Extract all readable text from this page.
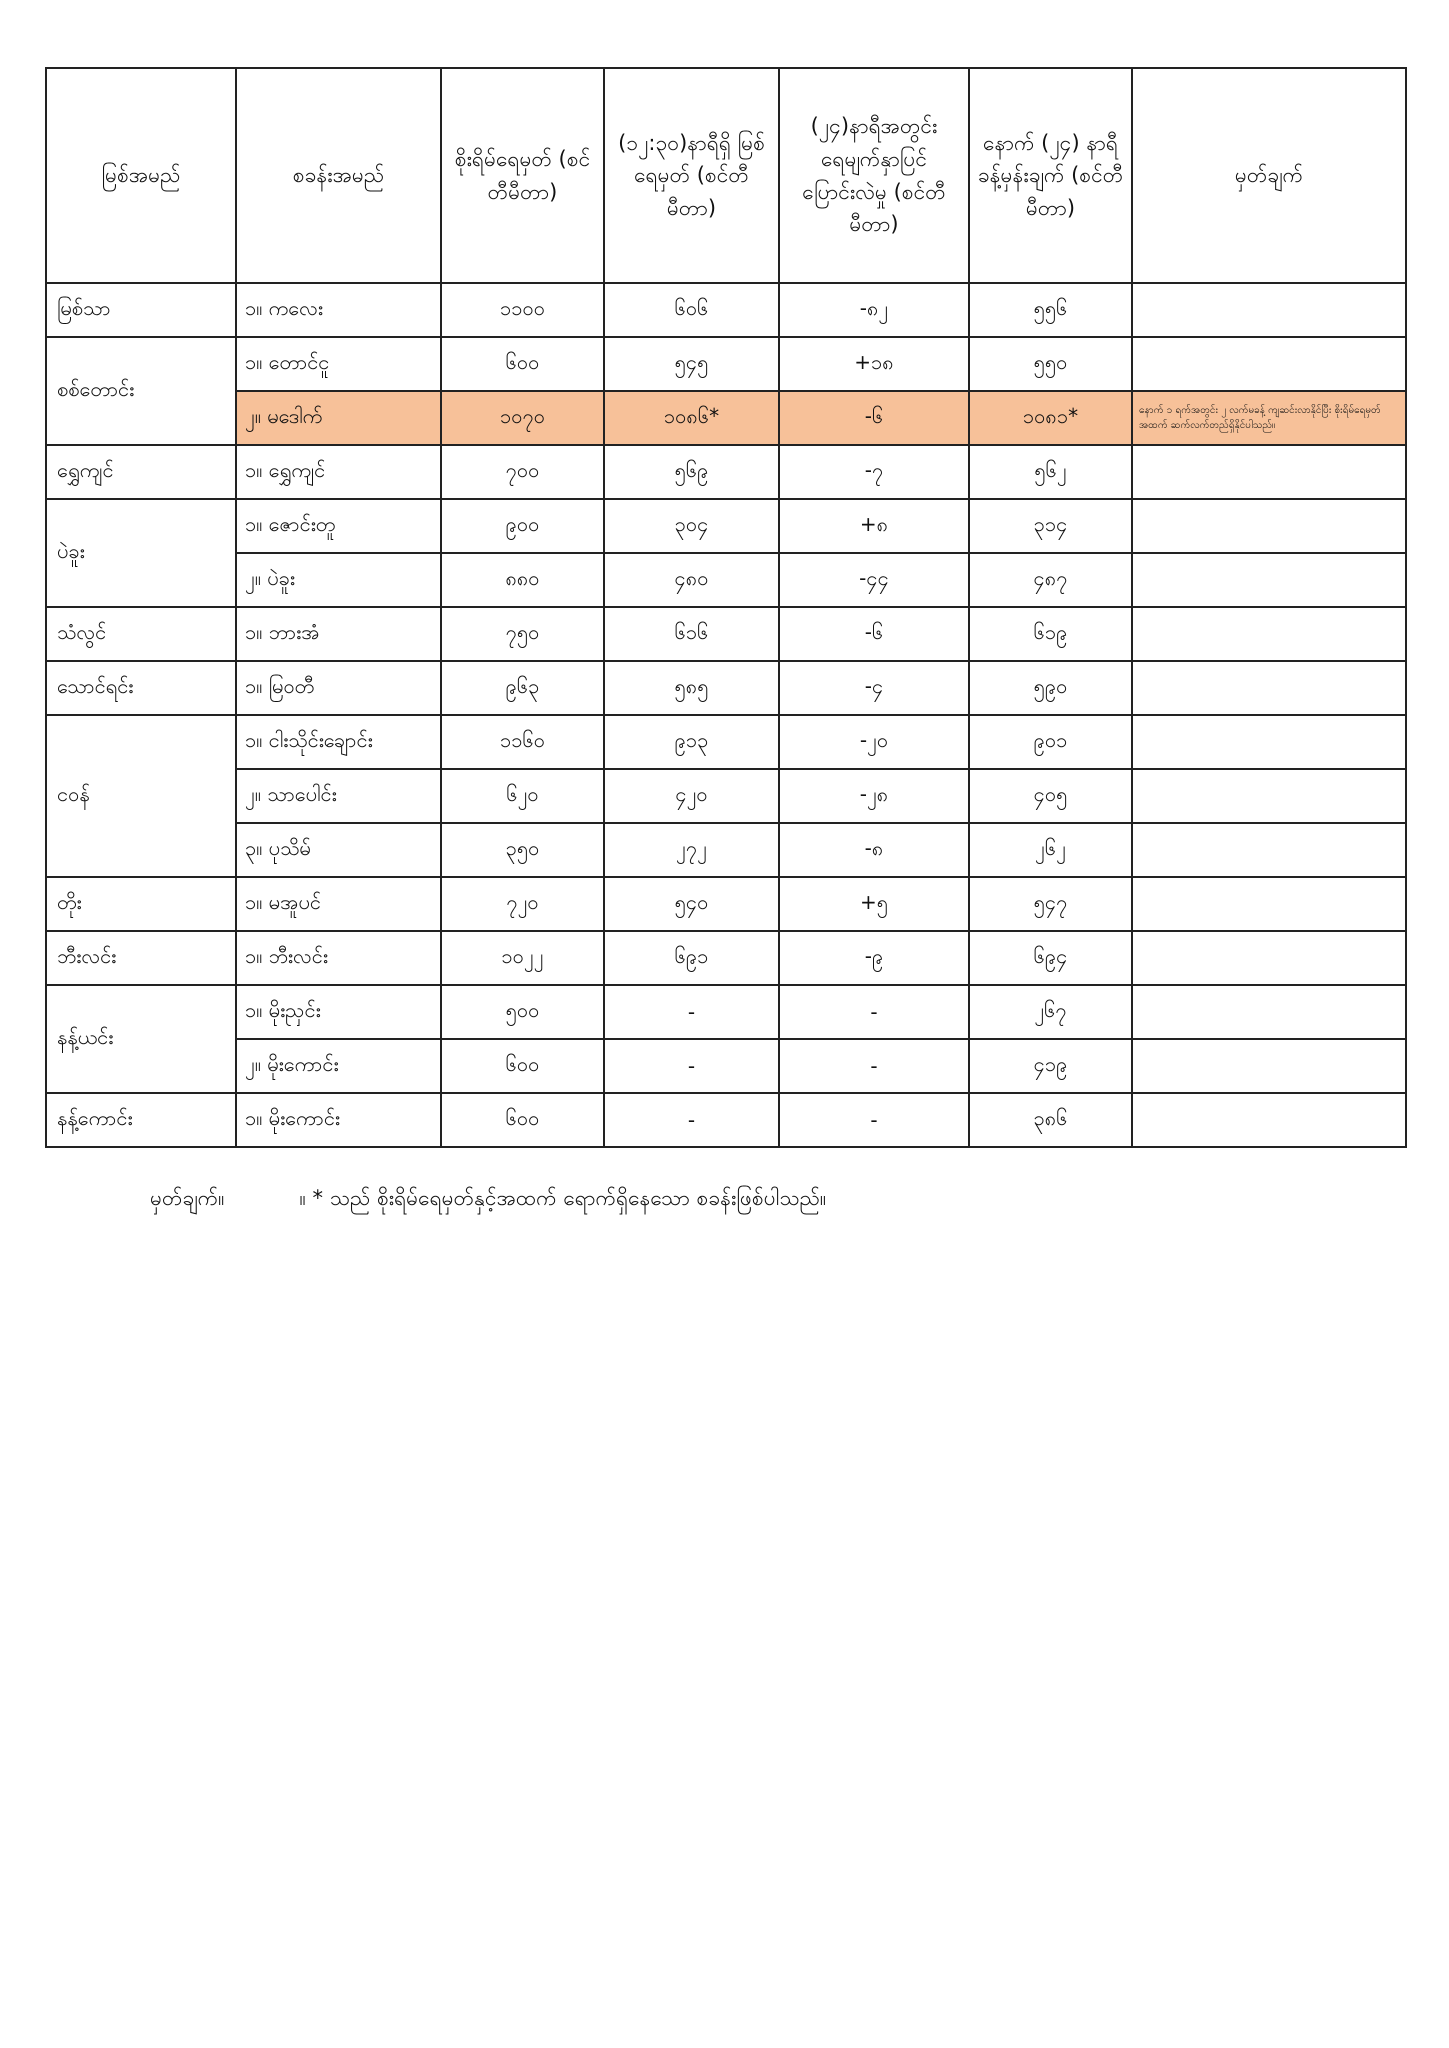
မြစ်အမည်	စခန်းအမည်	စိုးရိမ်ရေမှတ် (စင်တီမီတာ)	(၁၂:၃၀)နာရီရှိ မြစ်ရေမှတ် (စင်တီမီတာ)	(၂၄)နာရီအတွင်း ရေမျက်နှာပြင် ပြောင်းလဲမှု (စင်တီမီတာ)	နောက် (၂၄) နာရီ ခန့်မှန်းချက် (စင်တီမီတာ)	မှတ်ချက်
မြစ်သာ	၁။ ကလေး	၁၁၀၀	၆၀၆	-၈၂	၅၅၆	
စစ်တောင်း	၁။ တောင်ငူ	၆၀၀	၅၄၅	+၁၈	၅၅၀	
	၂။ မဒေါက်	၁၀၇၀	၁၀၈၆*	-၆	၁၀၈၁*	နောက် ၁ ရက်အတွင်း ၂ လက်မခန့် ကျဆင်းလာနိုင်ပြီး စိုးရိမ်ရေမှတ်အထက် ဆက်လက်တည်ရှိနိုင်ပါသည်။
ရွှေကျင်	၁။ ရွှေကျင်	၇၀၀	၅၆၉	-၇	၅၆၂	
ပဲခူး	၁။ ဇောင်းတူ	၉၀၀	၃၀၄	+၈	၃၁၄	
	၂။ ပဲခူး	၈၈၀	၄၈၀	-၄၄	၄၈၇	
သံလွင်	၁။ ဘားအံ	၇၅၀	၆၁၆	-၆	၆၁၉	
သောင်ရင်း	၁။ မြဝတီ	၉၆၃	၅၈၅	-၄	၅၉၀	
ငဝန်	၁။ ငါးသိုင်းချောင်း	၁၁၆၀	၉၁၃	-၂၀	၉၀၁	
	၂။ သာပေါင်း	၆၂၀	၄၂၀	-၂၈	၄၀၅	
	၃။ ပုသိမ်	၃၅၀	၂၇၂	-၈	၂၆၂	
တိုး	၁။ မအူပင်	၇၂၀	၅၄၀	+၅	၅၄၇	
ဘီးလင်း	၁။ ဘီးလင်း	၁၀၂၂	၆၉၁	-၉	၆၉၄	
နန့်ယင်း	၁။ မိုးညှင်း	၅၀၀	-	-	၂၆၇	
	၂။ မိုးကောင်း	၆၀၀	-	-	၄၁၉	
နန့်ကောင်း	၁။ မိုးကောင်း	၆၀၀	-	-	၃၈၆	
မှတ်ချက်။	။ * သည် စိုးရိမ်ရေမှတ်နှင့်အထက် ရောက်ရှိနေသော စခန်းဖြစ်ပါသည်။
